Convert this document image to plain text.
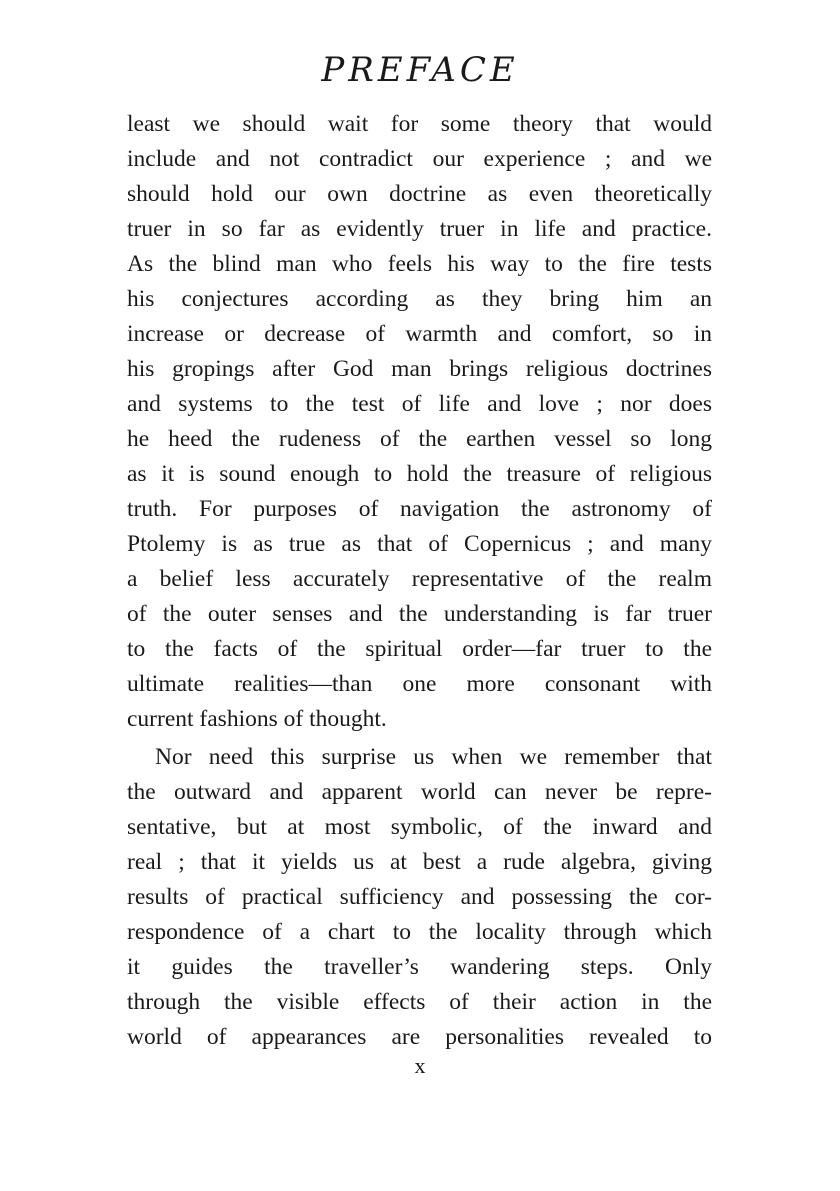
PREFACE
least we should wait for some theory that would
include and not contradict our experience ; and we
should hold our own doctrine as even theoretically
truer in so far as evidently truer in life and practice.
As the blind man who feels his way to the fire tests
his conjectures according as they bring him an
increase or decrease of warmth and comfort, so in
his gropings after God man brings religious doctrines
and systems to the test of life and love ; nor does
he heed the rudeness of the earthen vessel so long
as it is sound enough to hold the treasure of religious
truth. For purposes of navigation the astronomy of
Ptolemy is as true as that of Copernicus ; and many
a belief less accurately representative of the realm
of the outer senses and the understanding is far truer
to the facts of the spiritual order—far truer to the
ultimate realities—than one more consonant with
current fashions of thought.
Nor need this surprise us when we remember that
the outward and apparent world can never be repre-
sentative, but at most symbolic, of the inward and
real ; that it yields us at best a rude algebra, giving
results of practical sufficiency and possessing the cor-
respondence of a chart to the locality through which
it guides the traveller’s wandering steps. Only
through the visible effects of their action in the
world of appearances are personalities revealed to
x
